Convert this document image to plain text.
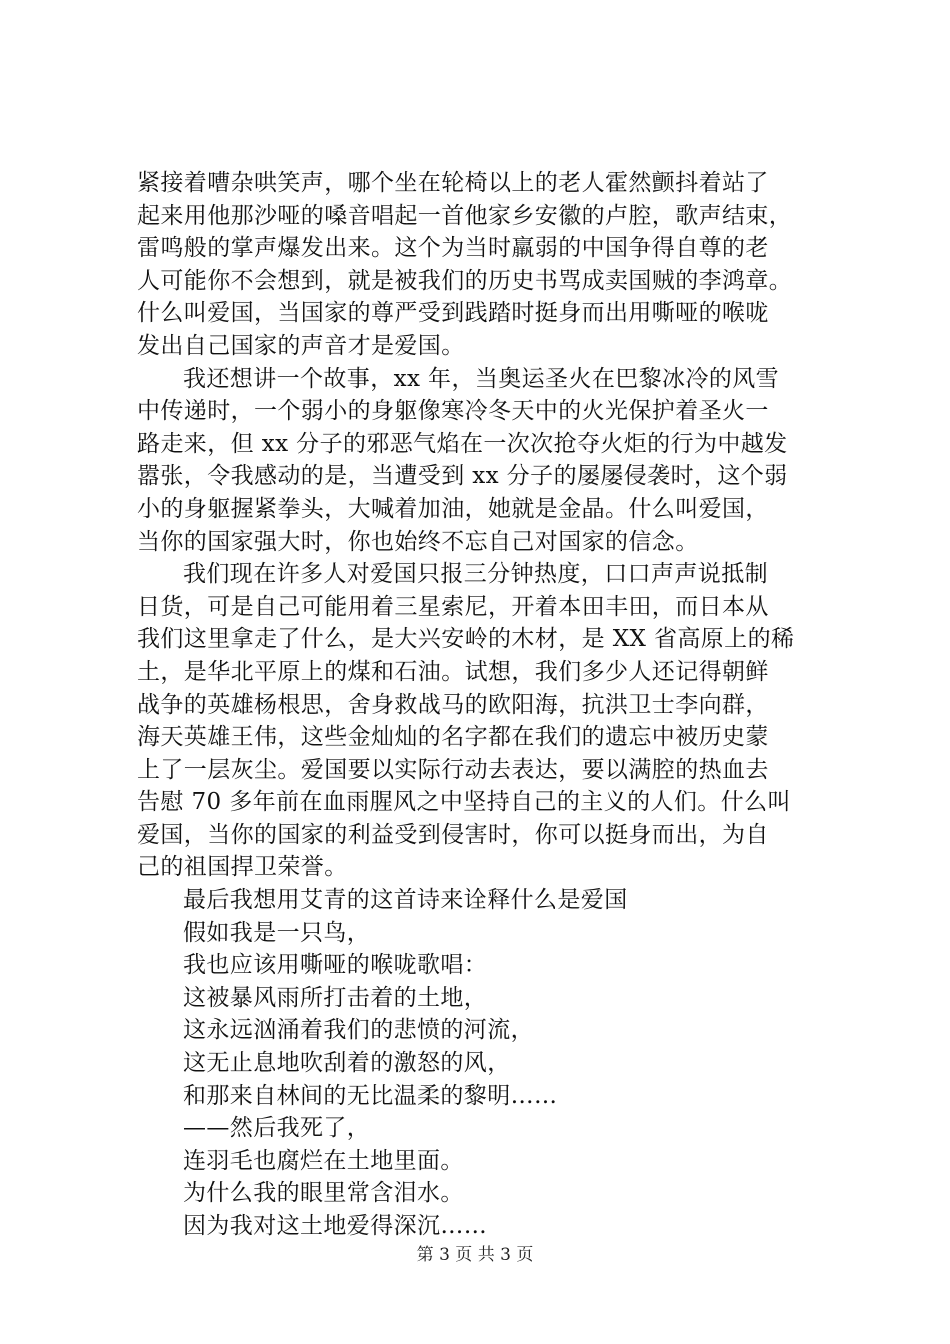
紧接着嘈杂哄笑声，哪个坐在轮椅以上的老人霍然颤抖着站了
起来用他那沙哑的嗓音唱起一首他家乡安徽的卢腔，歌声结束，
雷鸣般的掌声爆发出来。这个为当时羸弱的中国争得自尊的老
人可能你不会想到，就是被我们的历史书骂成卖国贼的李鸿章。
什么叫爱国，当国家的尊严受到践踏时挺身而出用嘶哑的喉咙
发出自己国家的声音才是爱国。
我还想讲一个故事，xx 年，当奥运圣火在巴黎冰冷的风雪
中传递时，一个弱小的身躯像寒冷冬天中的火光保护着圣火一
路走来，但 xx 分子的邪恶气焰在一次次抢夺火炬的行为中越发
嚣张，令我感动的是，当遭受到 xx 分子的屡屡侵袭时，这个弱
小的身躯握紧拳头，大喊着加油，她就是金晶。什么叫爱国，
当你的国家强大时，你也始终不忘自己对国家的信念。
我们现在许多人对爱国只报三分钟热度，口口声声说抵制
日货，可是自己可能用着三星索尼，开着本田丰田，而日本从
我们这里拿走了什么，是大兴安岭的木材，是 XX 省高原上的稀
土，是华北平原上的煤和石油。试想，我们多少人还记得朝鲜
战争的英雄杨根思，舍身救战马的欧阳海，抗洪卫士李向群，
海天英雄王伟，这些金灿灿的名字都在我们的遗忘中被历史蒙
上了一层灰尘。爱国要以实际行动去表达，要以满腔的热血去
告慰 70 多年前在血雨腥风之中坚持自己的主义的人们。什么叫
爱国，当你的国家的利益受到侵害时，你可以挺身而出，为自
己的祖国捍卫荣誉。
最后我想用艾青的这首诗来诠释什么是爱国
假如我是一只鸟，
我也应该用嘶哑的喉咙歌唱：
这被暴风雨所打击着的土地，
这永远汹涌着我们的悲愤的河流，
这无止息地吹刮着的激怒的风，
和那来自林间的无比温柔的黎明……
——然后我死了，
连羽毛也腐烂在土地里面。
为什么我的眼里常含泪水。
因为我对这土地爱得深沉……
第 3 页 共 3 页
